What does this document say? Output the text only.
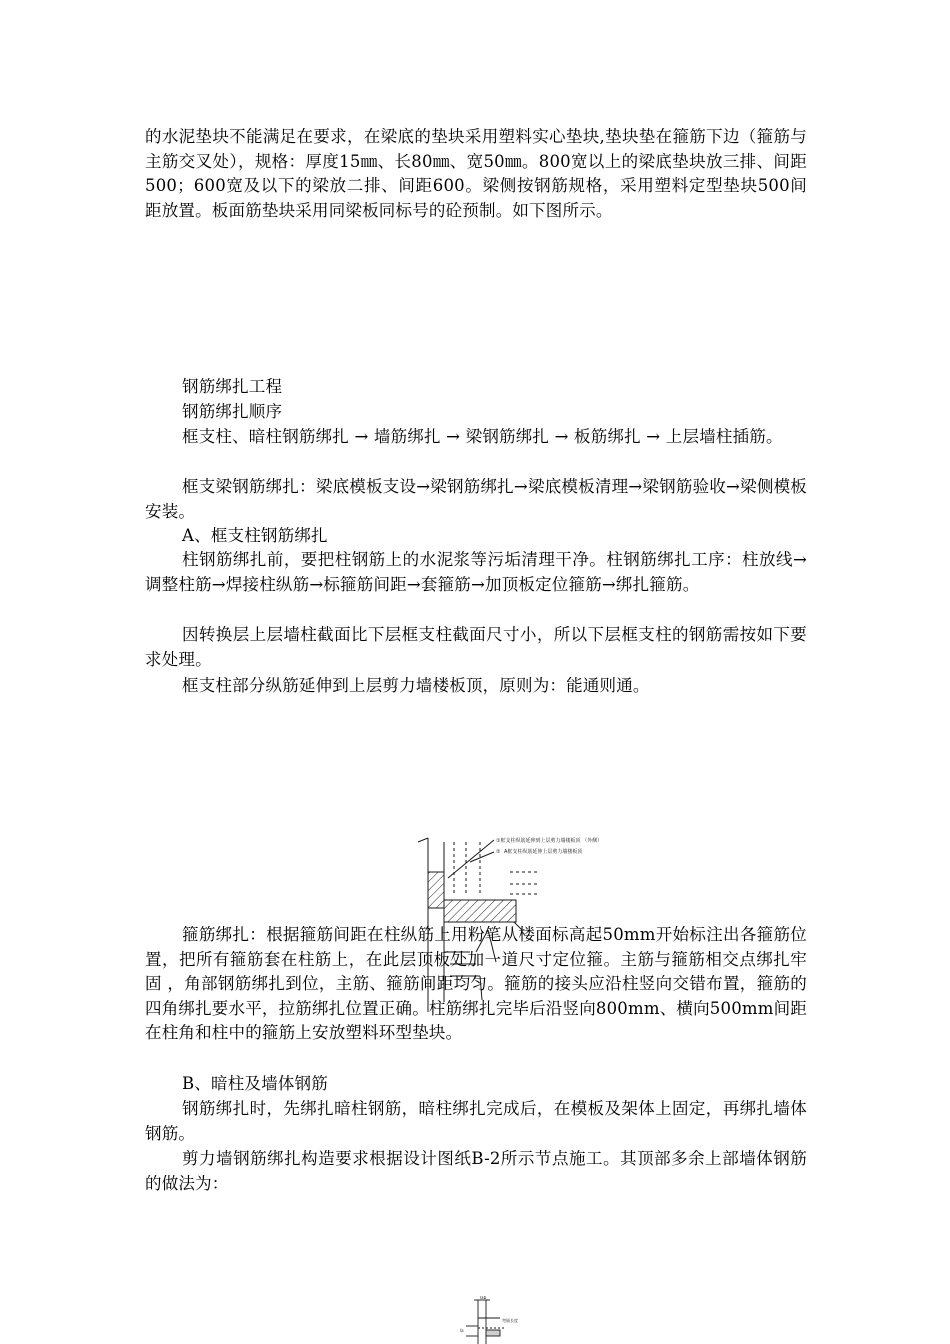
的水泥垫块不能满足在要求，在梁底的垫块采用塑料实心垫块,垫块垫在箍筋下边（箍筋与主筋交叉处），规格：厚度15㎜、长80㎜、宽50㎜。800宽以上的梁底垫块放三排、间距500；600宽及以下的梁放二排、间距600。梁侧按钢筋规格，采用塑料定型垫块500间距放置。板面筋垫块采用同梁板同标号的砼预制。如下图所示。

钢筋绑扎工程

钢筋绑扎顺序

框支柱、暗柱钢筋绑扎 → 墙筋绑扎 → 梁钢筋绑扎 → 板筋绑扎 → 上层墙柱插筋。

框支梁钢筋绑扎：梁底模板支设→梁钢筋绑扎→梁底模板清理→梁钢筋验收→梁侧模板安装。

A、框支柱钢筋绑扎

柱钢筋绑扎前，要把柱钢筋上的水泥浆等污垢清理干净。柱钢筋绑扎工序：柱放线→调整柱筋→焊接柱纵筋→标箍筋间距→套箍筋→加顶板定位箍筋→绑扎箍筋。

因转换层上层墙柱截面比下层框支柱截面尺寸小，所以下层框支柱的钢筋需按如下要求处理。

框支柱部分纵筋延伸到上层剪力墙楼板顶，原则为：能通则通。

①框支柱纵筋延伸到上层剪力墙楼板顶 （外侧）
② A框支柱纵筋延伸上层剪力墙楼板顶

箍筋绑扎：根据箍筋间距在柱纵筋上用粉笔从楼面标高起50mm开始标注出各箍筋位置，把所有箍筋套在柱筋上，在此层顶板处加一道尺寸定位箍。主筋与箍筋相交点绑扎牢固 ，角部钢筋绑扎到位，主筋、箍筋间距均匀。箍筋的接头应沿柱竖向交错布置，箍筋的四角绑扎要水平，拉筋绑扎位置正确。柱筋绑扎完毕后沿竖向800mm、横向500mm间距在柱角和柱中的箍筋上安放塑料环型垫块。

B、暗柱及墙体钢筋

钢筋绑扎时，先绑扎暗柱钢筋，暗柱绑扎完成后，在模板及架体上固定，再绑扎墙体钢筋。

剪力墙钢筋绑扎构造要求根据设计图纸B-2所示节点施工。其顶部多余上部墙体钢筋的做法为：

lab
弯锚长度
la
